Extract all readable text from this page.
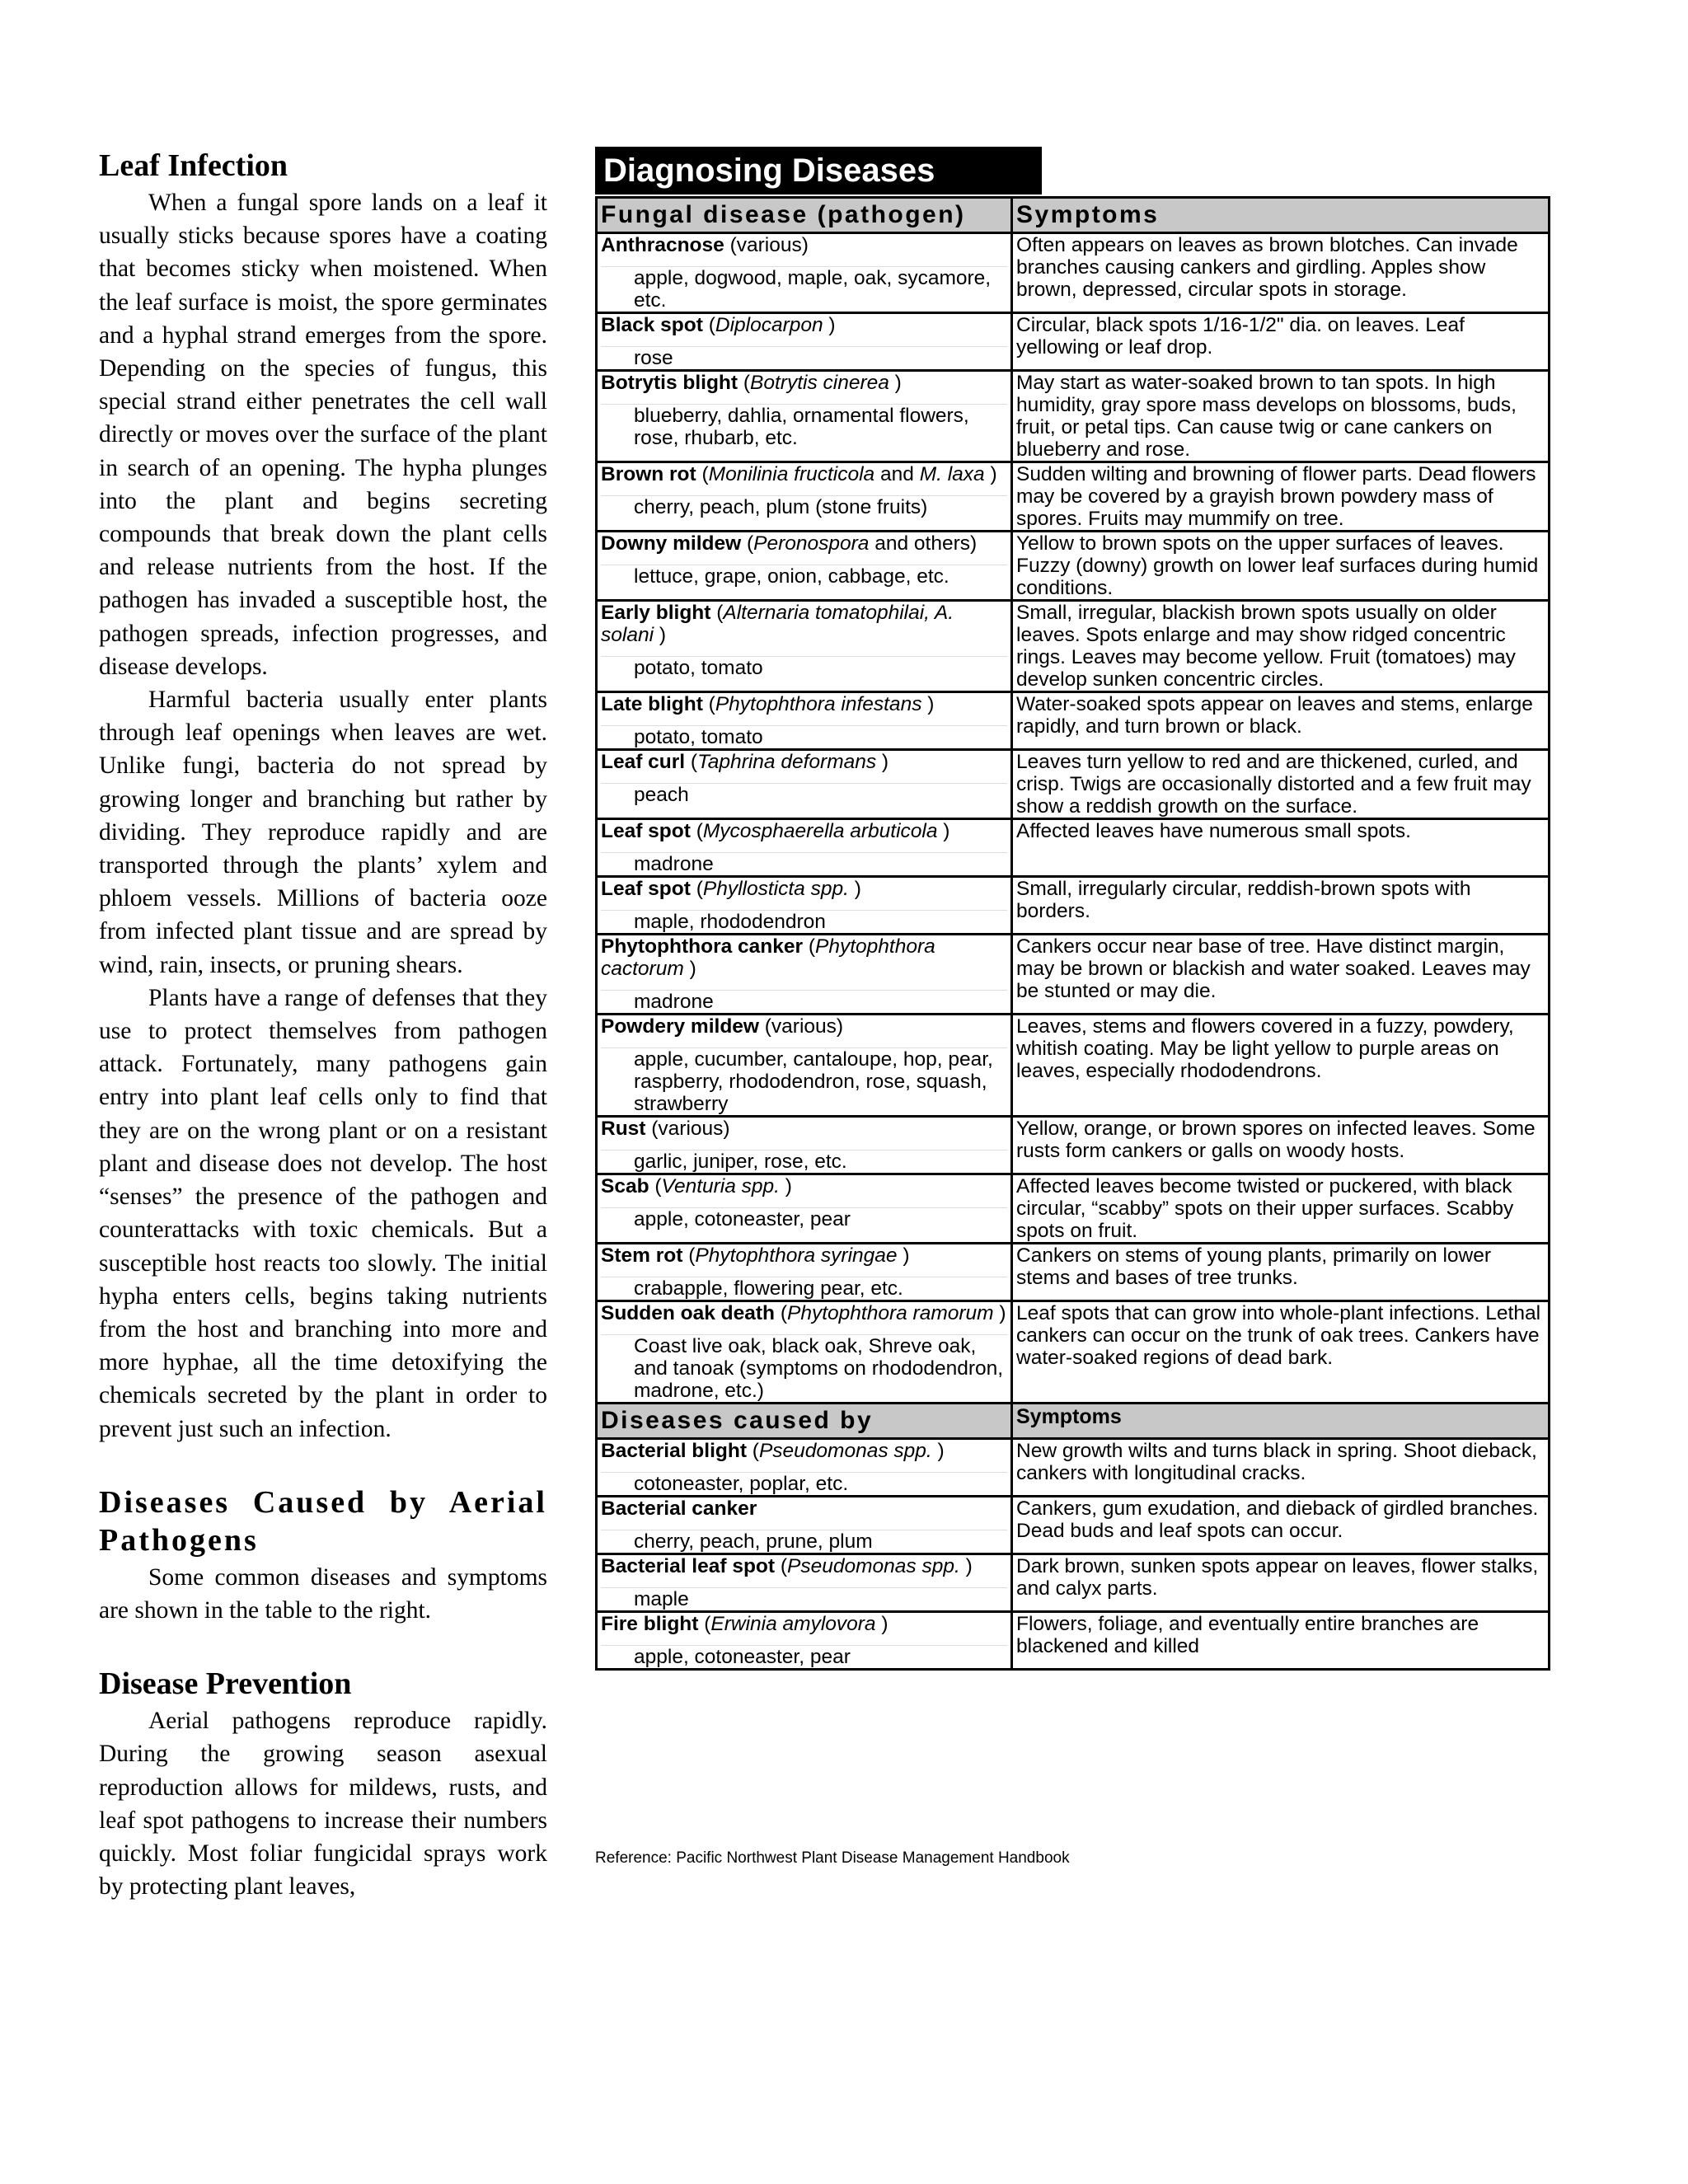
Leaf Infection

When a fungal spore lands on a leaf it usually sticks because spores have a coating that becomes sticky when moistened. When the leaf surface is moist, the spore germinates and a hyphal strand emerges from the spore. Depending on the species of fungus, this special strand either penetrates the cell wall directly or moves over the surface of the plant in search of an opening. The hypha plunges into the plant and begins secreting compounds that break down the plant cells and release nutrients from the host. If the pathogen has invaded a susceptible host, the pathogen spreads, infection progresses, and disease develops.

Harmful bacteria usually enter plants through leaf openings when leaves are wet. Unlike fungi, bacteria do not spread by growing longer and branching but rather by dividing. They reproduce rapidly and are transported through the plants’ xylem and phloem vessels. Millions of bacteria ooze from infected plant tissue and are spread by wind, rain, insects, or pruning shears.

Plants have a range of defenses that they use to protect themselves from pathogen attack. Fortunately, many pathogens gain entry into plant leaf cells only to find that they are on the wrong plant or on a resistant plant and disease does not develop. The host “senses” the presence of the pathogen and counterattacks with toxic chemicals. But a susceptible host reacts too slowly. The initial hypha enters cells, begins taking nutrients from the host and branching into more and more hyphae, all the time detoxifying the chemicals secreted by the plant in order to prevent just such an infection.

Diseases Caused by Aerial Pathogens

Some common diseases and symptoms are shown in the table to the right.

Disease Prevention

Aerial pathogens reproduce rapidly. During the growing season asexual reproduction allows for mildews, rusts, and leaf spot pathogens to increase their numbers quickly. Most foliar fungicidal sprays work by protecting plant leaves,

Diagnosing Diseases
Fungal disease (pathogen)	Symptoms
Anthracnose (various)
apple, dogwood, maple, oak, sycamore, etc.	Often appears on leaves as brown blotches. Can invade branches causing cankers and girdling. Apples show brown, depressed, circular spots in storage.
Black spot (Diplocarpon )
rose	Circular, black spots 1/16-1/2" dia. on leaves. Leaf yellowing or leaf drop.
Botrytis blight (Botrytis cinerea )
blueberry, dahlia, ornamental flowers, rose, rhubarb, etc.	May start as water-soaked brown to tan spots. In high humidity, gray spore mass develops on blossoms, buds, fruit, or petal tips. Can cause twig or cane cankers on blueberry and rose.
Brown rot (Monilinia fructicola and M. laxa )
cherry, peach, plum (stone fruits)	Sudden wilting and browning of flower parts. Dead flowers may be covered by a grayish brown powdery mass of spores. Fruits may mummify on tree.
Downy mildew (Peronospora and others)
lettuce, grape, onion, cabbage, etc.	Yellow to brown spots on the upper surfaces of leaves. Fuzzy (downy) growth on lower leaf surfaces during humid conditions.
Early blight (Alternaria tomatophilai, A. solani )
potato, tomato	Small, irregular, blackish brown spots usually on older leaves. Spots enlarge and may show ridged concentric rings. Leaves may become yellow. Fruit (tomatoes) may develop sunken concentric circles.
Late blight (Phytophthora infestans )
potato, tomato	Water-soaked spots appear on leaves and stems, enlarge rapidly, and turn brown or black.
Leaf curl (Taphrina deformans )
peach	Leaves turn yellow to red and are thickened, curled, and crisp. Twigs are occasionally distorted and a few fruit may show a reddish growth on the surface.
Leaf spot (Mycosphaerella arbuticola )
madrone	Affected leaves have numerous small spots.
Leaf spot (Phyllosticta spp. )
maple, rhododendron	Small, irregularly circular, reddish-brown spots with borders.
Phytophthora canker (Phytophthora cactorum )
madrone	Cankers occur near base of tree. Have distinct margin, may be brown or blackish and water soaked. Leaves may be stunted or may die.
Powdery mildew (various)
apple, cucumber, cantaloupe, hop, pear, raspberry, rhododendron, rose, squash, strawberry	Leaves, stems and flowers covered in a fuzzy, powdery, whitish coating. May be light yellow to purple areas on leaves, especially rhododendrons.
Rust (various)
garlic, juniper, rose, etc.	Yellow, orange, or brown spores on infected leaves. Some rusts form cankers or galls on woody hosts.
Scab (Venturia spp. )
apple, cotoneaster, pear	Affected leaves become twisted or puckered, with black circular, “scabby” spots on their upper surfaces. Scabby spots on fruit.
Stem rot (Phytophthora syringae )
crabapple, flowering pear, etc.	Cankers on stems of young plants, primarily on lower stems and bases of tree trunks.
Sudden oak death (Phytophthora ramorum )
Coast live oak, black oak, Shreve oak, and tanoak (symptoms on rhododendron, madrone, etc.)	Leaf spots that can grow into whole-plant infections. Lethal cankers can occur on the trunk of oak trees. Cankers have water-soaked regions of dead bark.
Diseases caused by	Symptoms
Bacterial blight (Pseudomonas spp. )
cotoneaster, poplar, etc.	New growth wilts and turns black in spring. Shoot dieback, cankers with longitudinal cracks.
Bacterial canker
cherry, peach, prune, plum	Cankers, gum exudation, and dieback of girdled branches. Dead buds and leaf spots can occur.
Bacterial leaf spot (Pseudomonas spp. )
maple	Dark brown, sunken spots appear on leaves, flower stalks, and calyx parts.
Fire blight (Erwinia amylovora )
apple, cotoneaster, pear	Flowers, foliage, and eventually entire branches are blackened and killed
Reference: Pacific Northwest Plant Disease Management Handbook
